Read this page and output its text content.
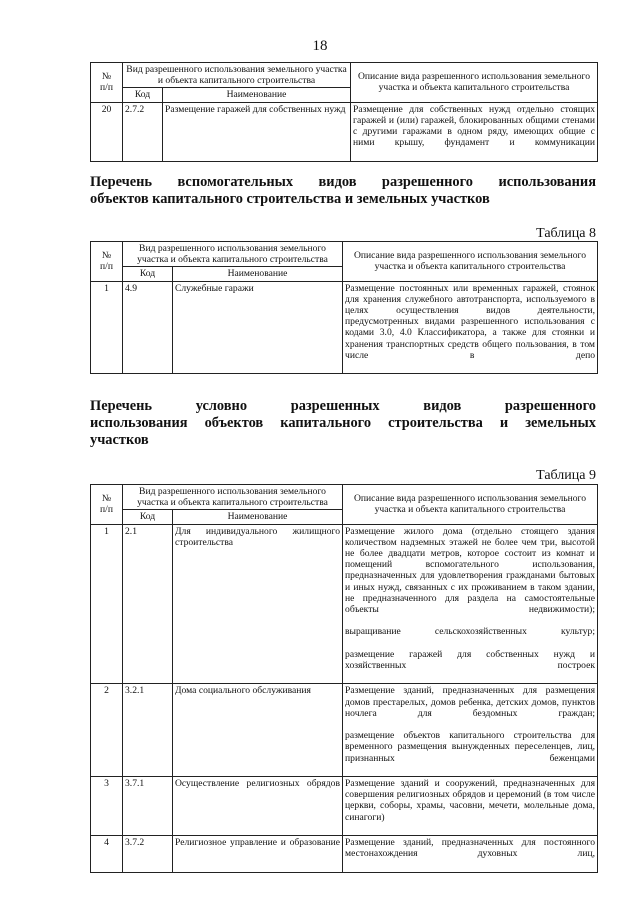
18
№
п/п	Вид разрешенного использования земельного участка и объекта капитального строительства		Описание вида разрешенного использования земельного участка и объекта капитального строительства
	Код	Наименование	
20	2.7.2	Размещение гаражей для собственных нужд	Размещение для собственных нужд отдельно стоящих гаражей и (или) гаражей, блокированных общими стенами с другими гаражами в одном ряду, имеющих общие с ними крышу, фундамент и коммуникации
Перечень вспомогательных видов разрешенного использования
объектов капитального строительства и земельных участков
Таблица 8
№
п/п	Вид разрешенного использования земельного участка и объекта капитального строительства		Описание вида разрешенного использования земельного участка и объекта капитального строительства
	Код	Наименование	
1	4.9	Служебные гаражи	Размещение постоянных или временных гаражей, стоянок для хранения служебного автотранспорта, используемого в целях осуществления видов деятельности, предусмотренных видами разрешенного использования с кодами 3.0, 4.0 Классификатора, а также для стоянки и хранения транспортных средств общего пользования, в том числе в депо
Перечень условно разрешенных видов разрешенного
использования объектов капитального строительства и земельных
участков
Таблица 9
№
п/п	Вид разрешенного использования земельного участка и объекта капитального строительства		Описание вида разрешенного использования земельного участка и объекта капитального строительства
	Код	Наименование	
1	2.1	Для индивидуального жилищного строительства	Размещение жилого дома (отдельно стоящего здания количеством надземных этажей не более чем три, высотой не более двадцати метров, которое состоит из комнат и помещений вспомогательного использования, предназначенных для удовлетворения гражданами бытовых и иных нужд, связанных с их проживанием в таком здании, не предназначенного для раздела на самостоятельные объекты недвижимости);
выращивание сельскохозяйственных культур;
размещение гаражей для собственных нужд и хозяйственных построек

2	3.2.1	Дома социального обслуживания	Размещение зданий, предназначенных для размещения домов престарелых, домов ребенка, детских домов, пунктов ночлега для бездомных граждан;
размещение объектов капитального строительства для временного размещения вынужденных переселенцев, лиц, признанных беженцами

3	3.7.1	Осуществление религиозных обрядов	Размещение зданий и сооружений, предназначенных для совершения религиозных обрядов и церемоний (в том числе церкви, соборы, храмы, часовни, мечети, молельные дома, синагоги)

4	3.7.2	Религиозное управление и образование	Размещение зданий, предназначенных для постоянного местонахождения духовных лиц,
